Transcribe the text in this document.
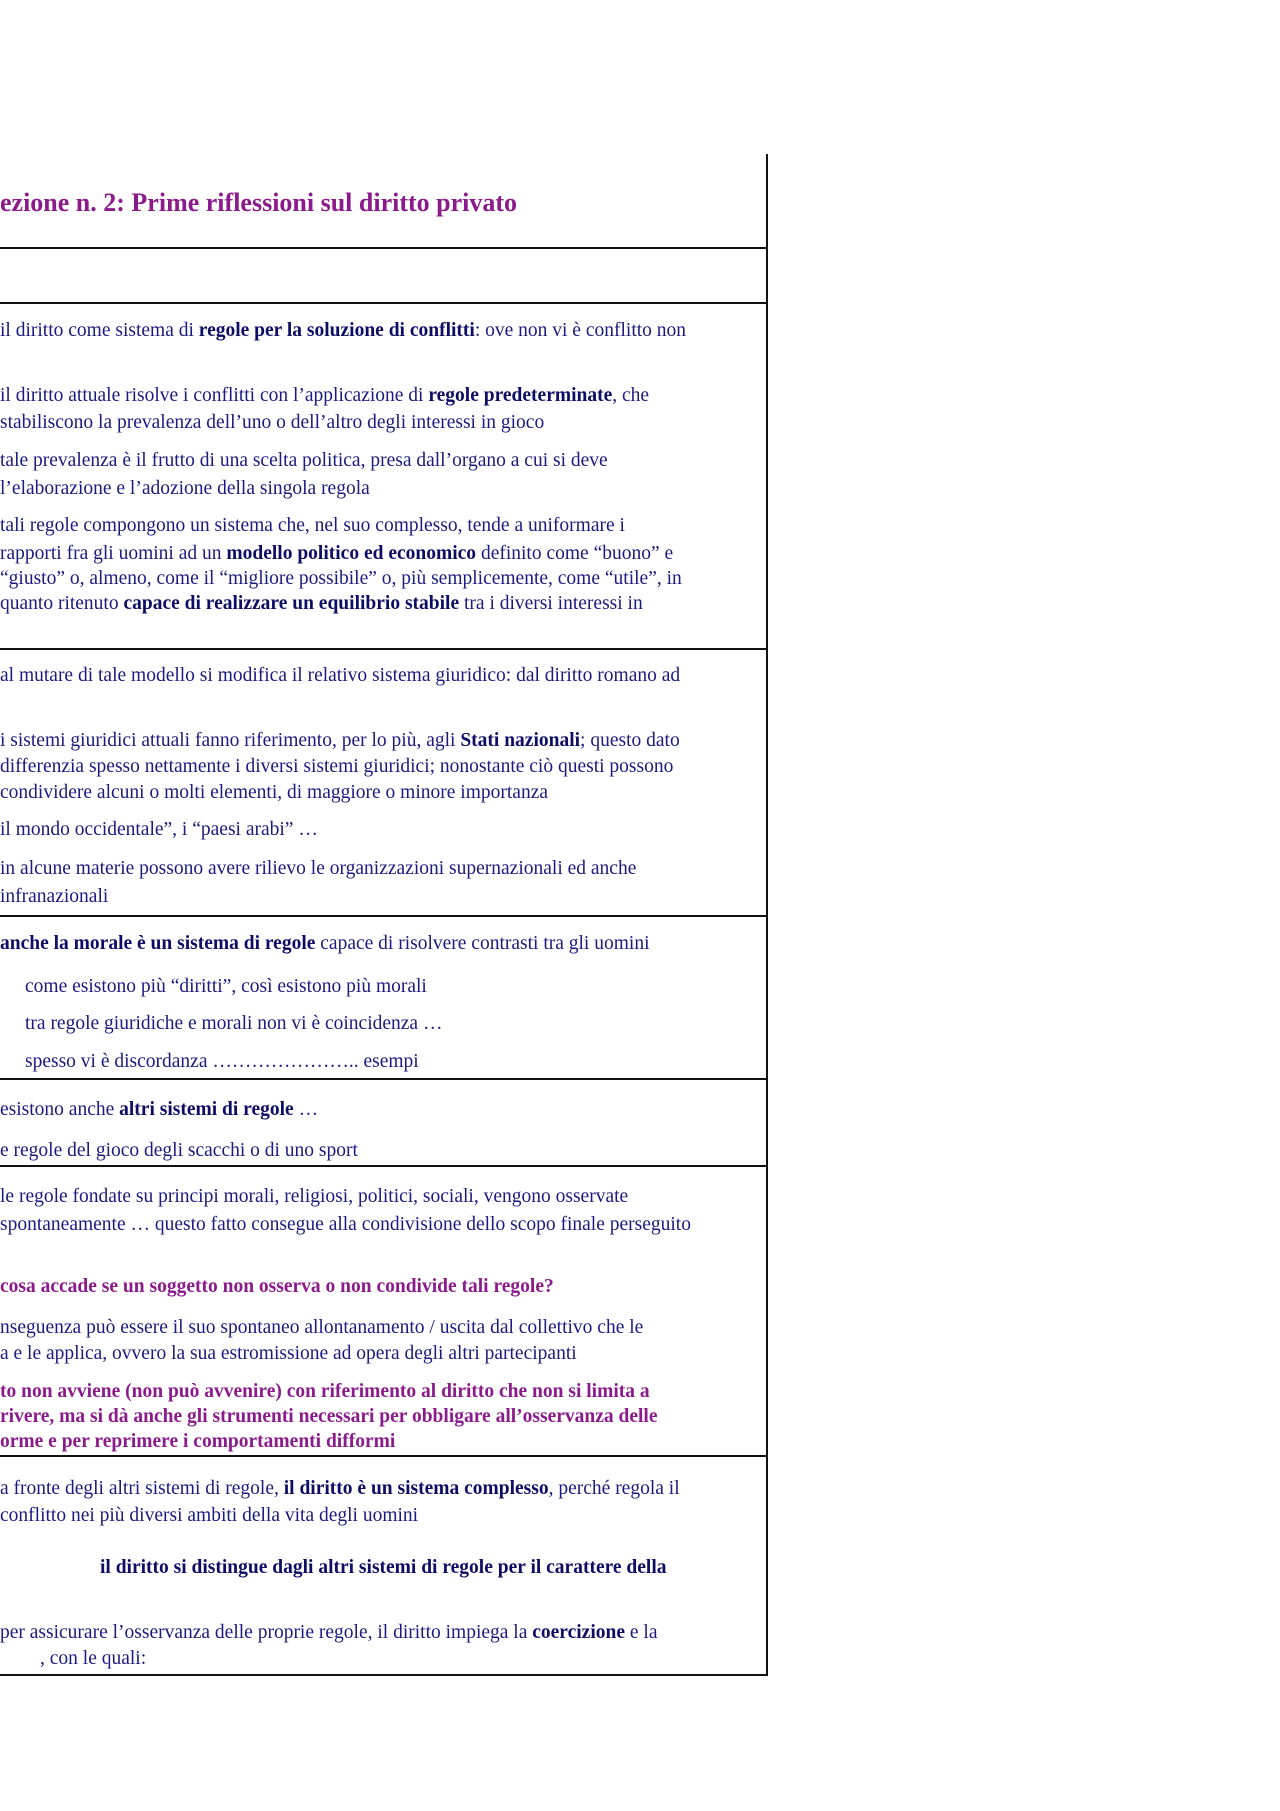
ezione n. 2: Prime riflessioni sul diritto privato
il diritto come sistema di regole per la soluzione di conflitti: ove non vi è conflitto non
il diritto attuale risolve i conflitti con l’applicazione di regole predeterminate, che
stabiliscono la prevalenza dell’uno o dell’altro degli interessi in gioco
tale prevalenza è il frutto di una scelta politica, presa dall’organo a cui si deve
l’elaborazione e l’adozione della singola regola
tali regole compongono un sistema che, nel suo complesso, tende a uniformare i
rapporti fra gli uomini ad un modello politico ed economico definito come “buono” e
“giusto” o, almeno, come il “migliore possibile” o, più semplicemente, come “utile”, in
quanto ritenuto capace di realizzare un equilibrio stabile tra i diversi interessi in
al mutare di tale modello si modifica il relativo sistema giuridico: dal diritto romano ad
i sistemi giuridici attuali fanno riferimento, per lo più, agli Stati nazionali; questo dato
differenzia spesso nettamente i diversi sistemi giuridici; nonostante ciò questi possono
condividere alcuni o molti elementi, di maggiore o minore importanza
il mondo occidentale”, i “paesi arabi” …
in alcune materie possono avere rilievo le organizzazioni supernazionali ed anche
infranazionali
anche la morale è un sistema di regole capace di risolvere contrasti tra gli uomini
come esistono più “diritti”, così esistono più morali
tra regole giuridiche e morali non vi è coincidenza …
spesso vi è discordanza ………………….. esempi
esistono anche altri sistemi di regole …
e regole del gioco degli scacchi o di uno sport
le regole fondate su principi morali, religiosi, politici, sociali, vengono osservate
spontaneamente … questo fatto consegue alla condivisione dello scopo finale perseguito
cosa accade se un soggetto non osserva o non condivide tali regole?
nseguenza può essere il suo spontaneo allontanamento / uscita dal collettivo che le
a e le applica, ovvero la sua estromissione ad opera degli altri partecipanti
to non avviene (non può avvenire) con riferimento al diritto che non si limita a
rivere, ma si dà anche gli strumenti necessari per obbligare all’osservanza delle
orme e per reprimere i comportamenti difformi
a fronte degli altri sistemi di regole, il diritto è un sistema complesso, perché regola il
conflitto nei più diversi ambiti della vita degli uomini
il diritto si distingue dagli altri sistemi di regole per il carattere della
per assicurare l’osservanza delle proprie regole, il diritto impiega la coercizione e la
, con le quali:
